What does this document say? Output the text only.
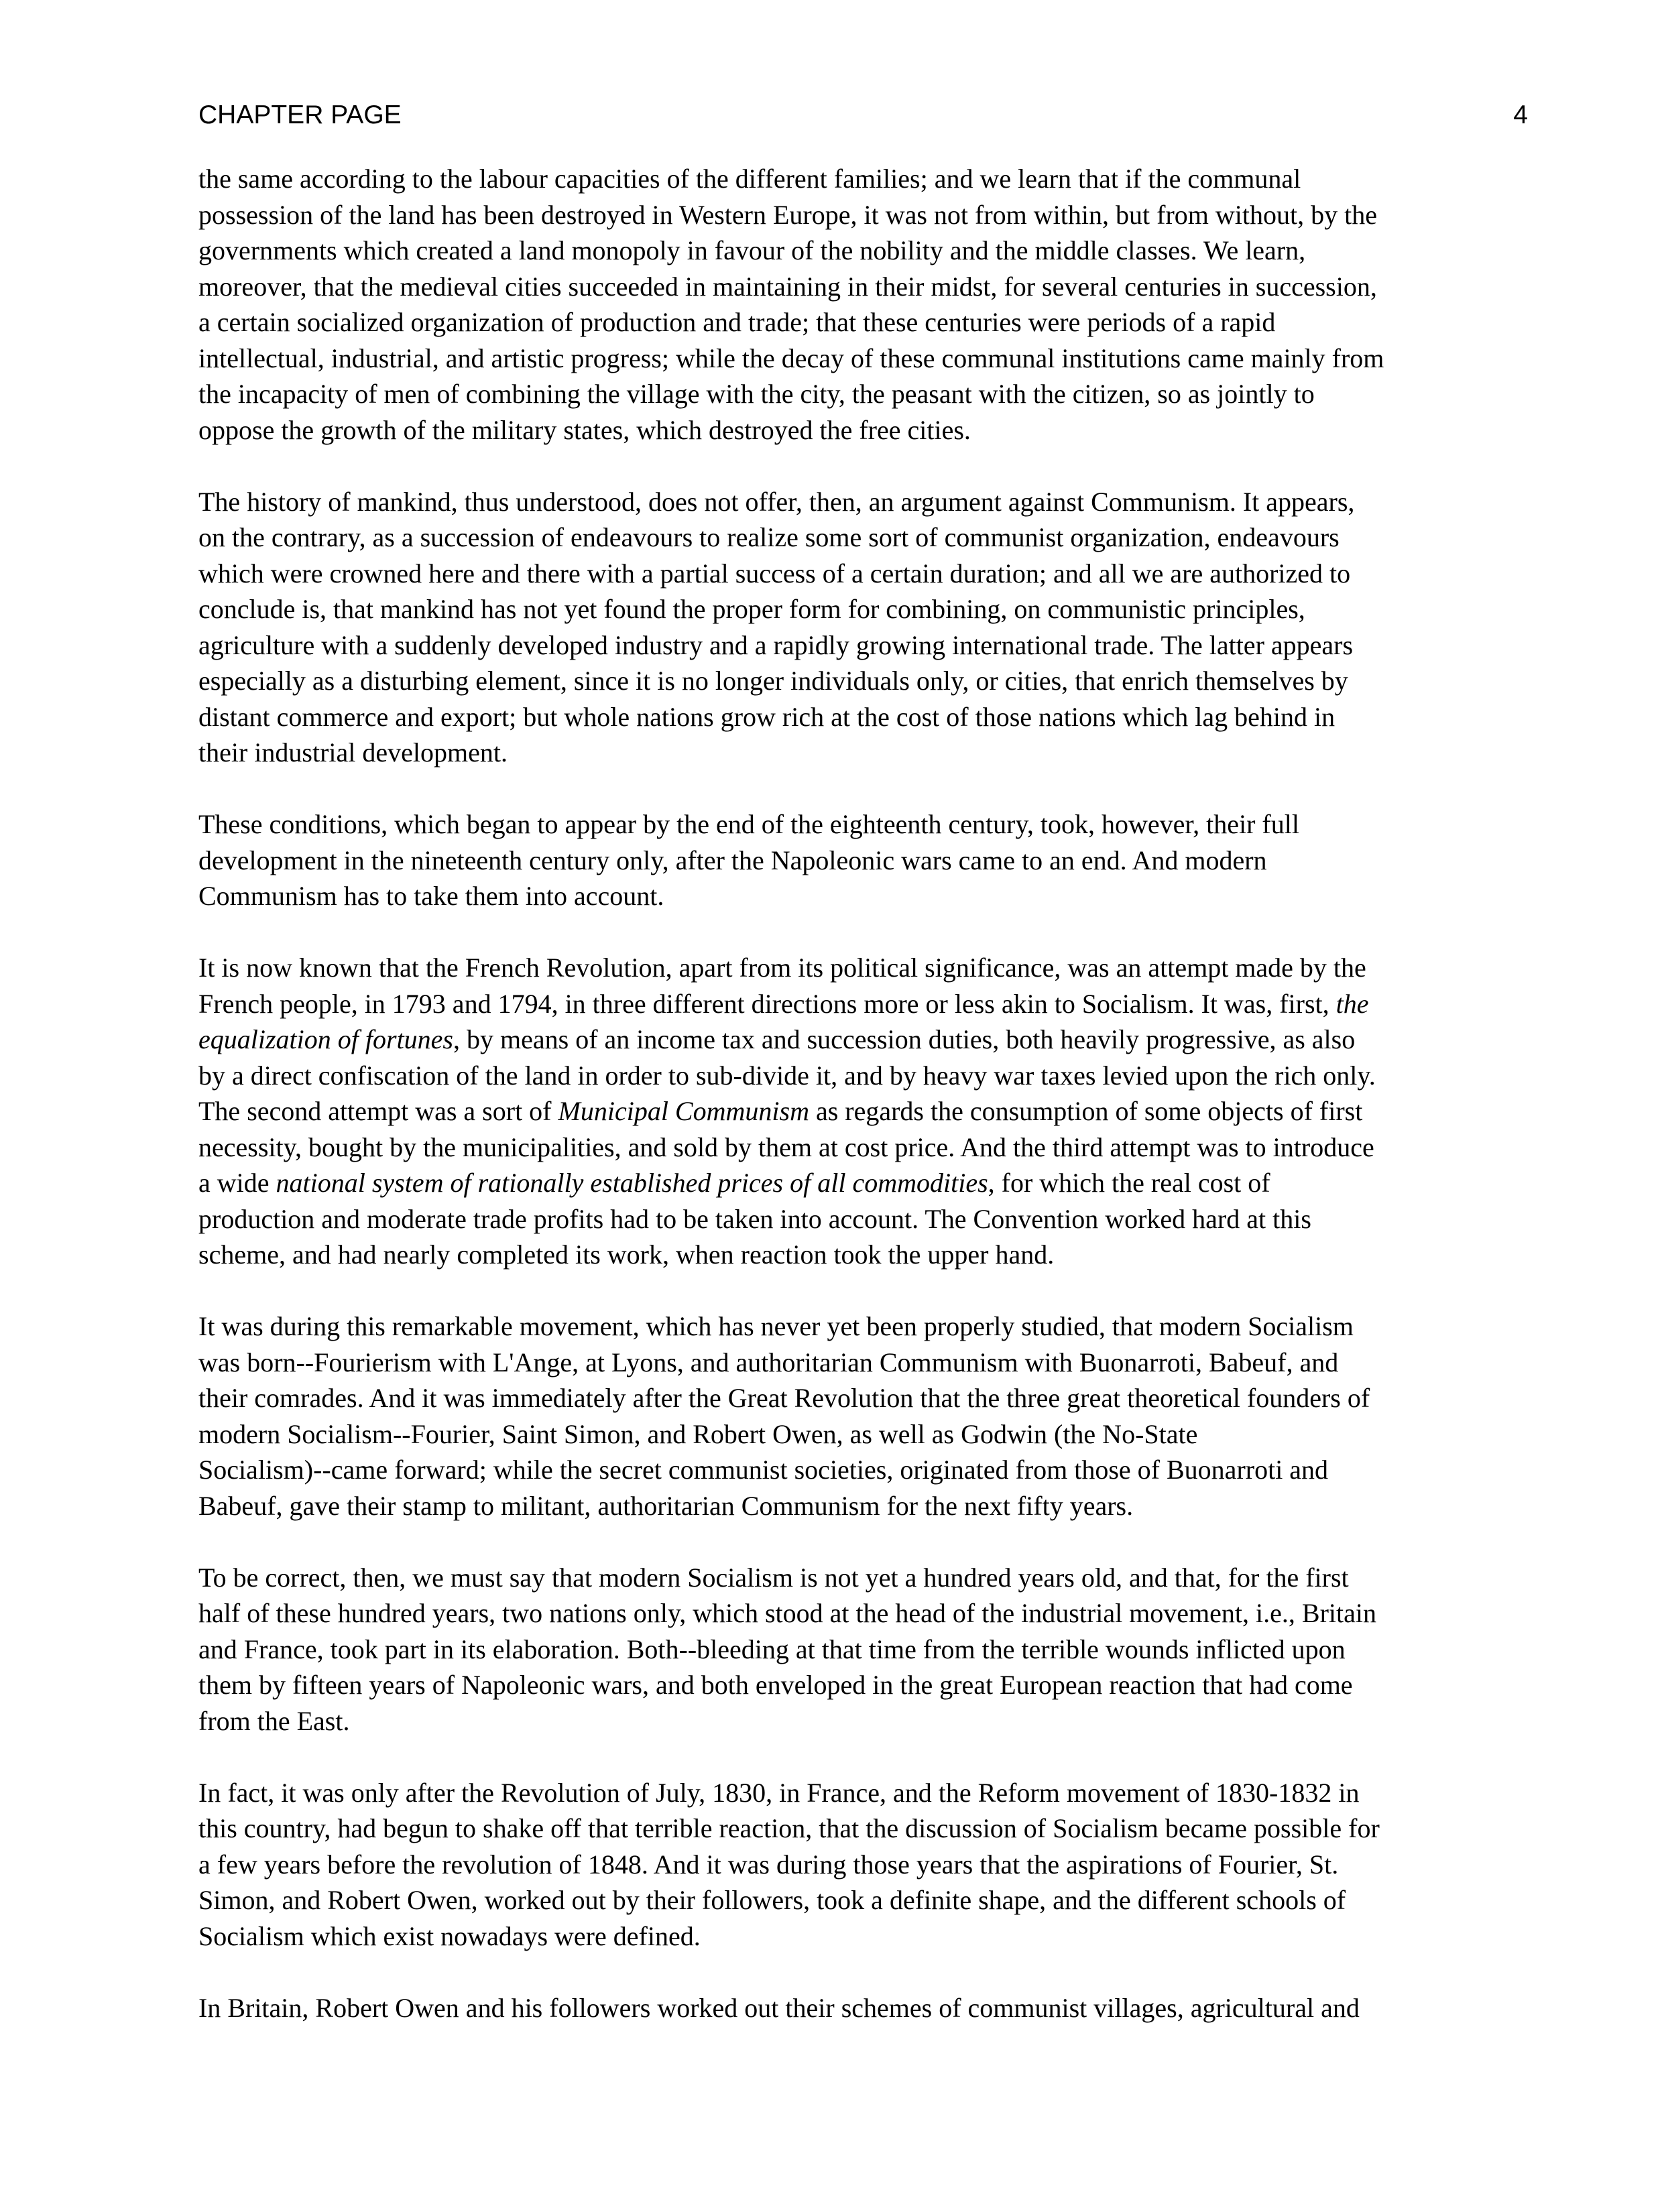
CHAPTER PAGE	4
the same according to the labour capacities of the different families; and we learn that if the communal
possession of the land has been destroyed in Western Europe, it was not from within, but from without, by the
governments which created a land monopoly in favour of the nobility and the middle classes. We learn,
moreover, that the medieval cities succeeded in maintaining in their midst, for several centuries in succession,
a certain socialized organization of production and trade; that these centuries were periods of a rapid
intellectual, industrial, and artistic progress; while the decay of these communal institutions came mainly from
the incapacity of men of combining the village with the city, the peasant with the citizen, so as jointly to
oppose the growth of the military states, which destroyed the free cities.
The history of mankind, thus understood, does not offer, then, an argument against Communism. It appears,
on the contrary, as a succession of endeavours to realize some sort of communist organization, endeavours
which were crowned here and there with a partial success of a certain duration; and all we are authorized to
conclude is, that mankind has not yet found the proper form for combining, on communistic principles,
agriculture with a suddenly developed industry and a rapidly growing international trade. The latter appears
especially as a disturbing element, since it is no longer individuals only, or cities, that enrich themselves by
distant commerce and export; but whole nations grow rich at the cost of those nations which lag behind in
their industrial development.
These conditions, which began to appear by the end of the eighteenth century, took, however, their full
development in the nineteenth century only, after the Napoleonic wars came to an end. And modern
Communism has to take them into account.
It is now known that the French Revolution, apart from its political significance, was an attempt made by the
French people, in 1793 and 1794, in three different directions more or less akin to Socialism. It was, first, the
equalization of fortunes, by means of an income tax and succession duties, both heavily progressive, as also
by a direct confiscation of the land in order to sub-divide it, and by heavy war taxes levied upon the rich only.
The second attempt was a sort of Municipal Communism as regards the consumption of some objects of first
necessity, bought by the municipalities, and sold by them at cost price. And the third attempt was to introduce
a wide national system of rationally established prices of all commodities, for which the real cost of
production and moderate trade profits had to be taken into account. The Convention worked hard at this
scheme, and had nearly completed its work, when reaction took the upper hand.
It was during this remarkable movement, which has never yet been properly studied, that modern Socialism
was born--Fourierism with L'Ange, at Lyons, and authoritarian Communism with Buonarroti, Babeuf, and
their comrades. And it was immediately after the Great Revolution that the three great theoretical founders of
modern Socialism--Fourier, Saint Simon, and Robert Owen, as well as Godwin (the No-State
Socialism)--came forward; while the secret communist societies, originated from those of Buonarroti and
Babeuf, gave their stamp to militant, authoritarian Communism for the next fifty years.
To be correct, then, we must say that modern Socialism is not yet a hundred years old, and that, for the first
half of these hundred years, two nations only, which stood at the head of the industrial movement, i.e., Britain
and France, took part in its elaboration. Both--bleeding at that time from the terrible wounds inflicted upon
them by fifteen years of Napoleonic wars, and both enveloped in the great European reaction that had come
from the East.
In fact, it was only after the Revolution of July, 1830, in France, and the Reform movement of 1830-1832 in
this country, had begun to shake off that terrible reaction, that the discussion of Socialism became possible for
a few years before the revolution of 1848. And it was during those years that the aspirations of Fourier, St.
Simon, and Robert Owen, worked out by their followers, took a definite shape, and the different schools of
Socialism which exist nowadays were defined.
In Britain, Robert Owen and his followers worked out their schemes of communist villages, agricultural and
